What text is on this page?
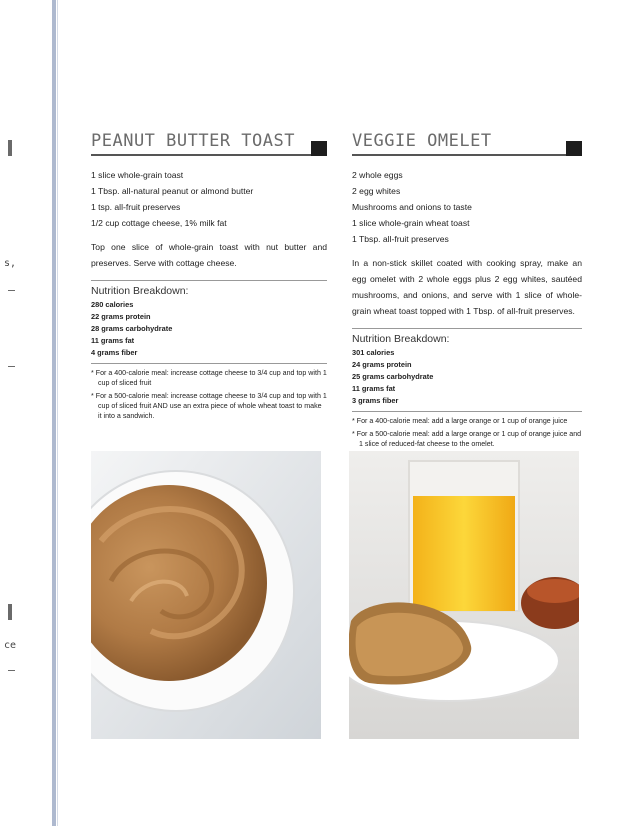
s,
ce
PEANUT BUTTER TOAST
1 slice whole-grain toast
1 Tbsp. all-natural peanut or almond butter
1 tsp. all-fruit preserves
1/2 cup cottage cheese, 1% milk fat

Top one slice of whole-grain toast with nut butter and preserves. Serve with cottage cheese.

Nutrition Breakdown:
280 calories
22 grams protein
28 grams carbohydrate
11 grams fat
4 grams fiber
* For a 400-calorie meal: increase cottage cheese to 3/4 cup and top with 1 cup of sliced fruit
* For a 500-calorie meal: increase cottage cheese to 3/4 cup and top with 1 cup of sliced fruit AND use an extra piece of whole wheat toast to make it into a sandwich.
VEGGIE OMELET
2 whole eggs
2 egg whites
Mushrooms and onions to taste
1 slice whole-grain wheat toast
1 Tbsp. all-fruit preserves

In a non-stick skillet coated with cooking spray, make an egg omelet with 2 whole eggs plus 2 egg whites, sautéed mushrooms, and onions, and serve with 1 slice of whole-grain wheat toast topped with 1 Tbsp. of all-fruit preserves.

Nutrition Breakdown:
301 calories
24 grams protein
25 grams carbohydrate
11 grams fat
3 grams fiber
* For a 400-calorie meal: add a large orange or 1 cup of orange juice
* For a 500-calorie meal: add a large orange or 1 cup of orange juice and 1 slice of reduced-fat cheese to the omelet.
